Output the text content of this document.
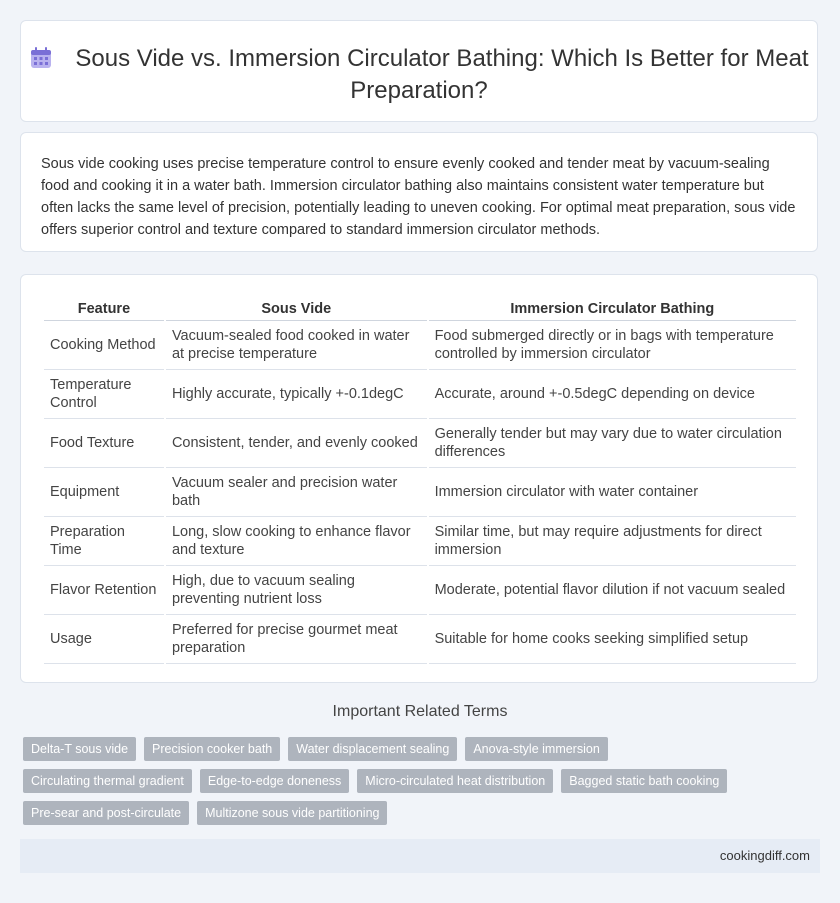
Sous Vide vs. Immersion Circulator Bathing: Which Is Better for Meat Preparation?
Sous vide cooking uses precise temperature control to ensure evenly cooked and tender meat by vacuum-sealing food and cooking it in a water bath. Immersion circulator bathing also maintains consistent water temperature but often lacks the same level of precision, potentially leading to uneven cooking. For optimal meat preparation, sous vide offers superior control and texture compared to standard immersion circulator methods.
Feature	Sous Vide	Immersion Circulator Bathing
Cooking Method	Vacuum-sealed food cooked in water at precise temperature	Food submerged directly or in bags with temperature controlled by immersion circulator
Temperature Control	Highly accurate, typically +-0.1degC	Accurate, around +-0.5degC depending on device
Food Texture	Consistent, tender, and evenly cooked	Generally tender but may vary due to water circulation differences
Equipment	Vacuum sealer and precision water bath	Immersion circulator with water container
Preparation Time	Long, slow cooking to enhance flavor and texture	Similar time, but may require adjustments for direct immersion
Flavor Retention	High, due to vacuum sealing preventing nutrient loss	Moderate, potential flavor dilution if not vacuum sealed
Usage	Preferred for precise gourmet meat preparation	Suitable for home cooks seeking simplified setup
Important Related Terms
Delta-T sous vide	Precision cooker bath	Water displacement sealing	Anova-style immersion
Circulating thermal gradient	Edge-to-edge doneness	Micro-circulated heat distribution	Bagged static bath cooking
Pre-sear and post-circulate	Multizone sous vide partitioning
cookingdiff.com
